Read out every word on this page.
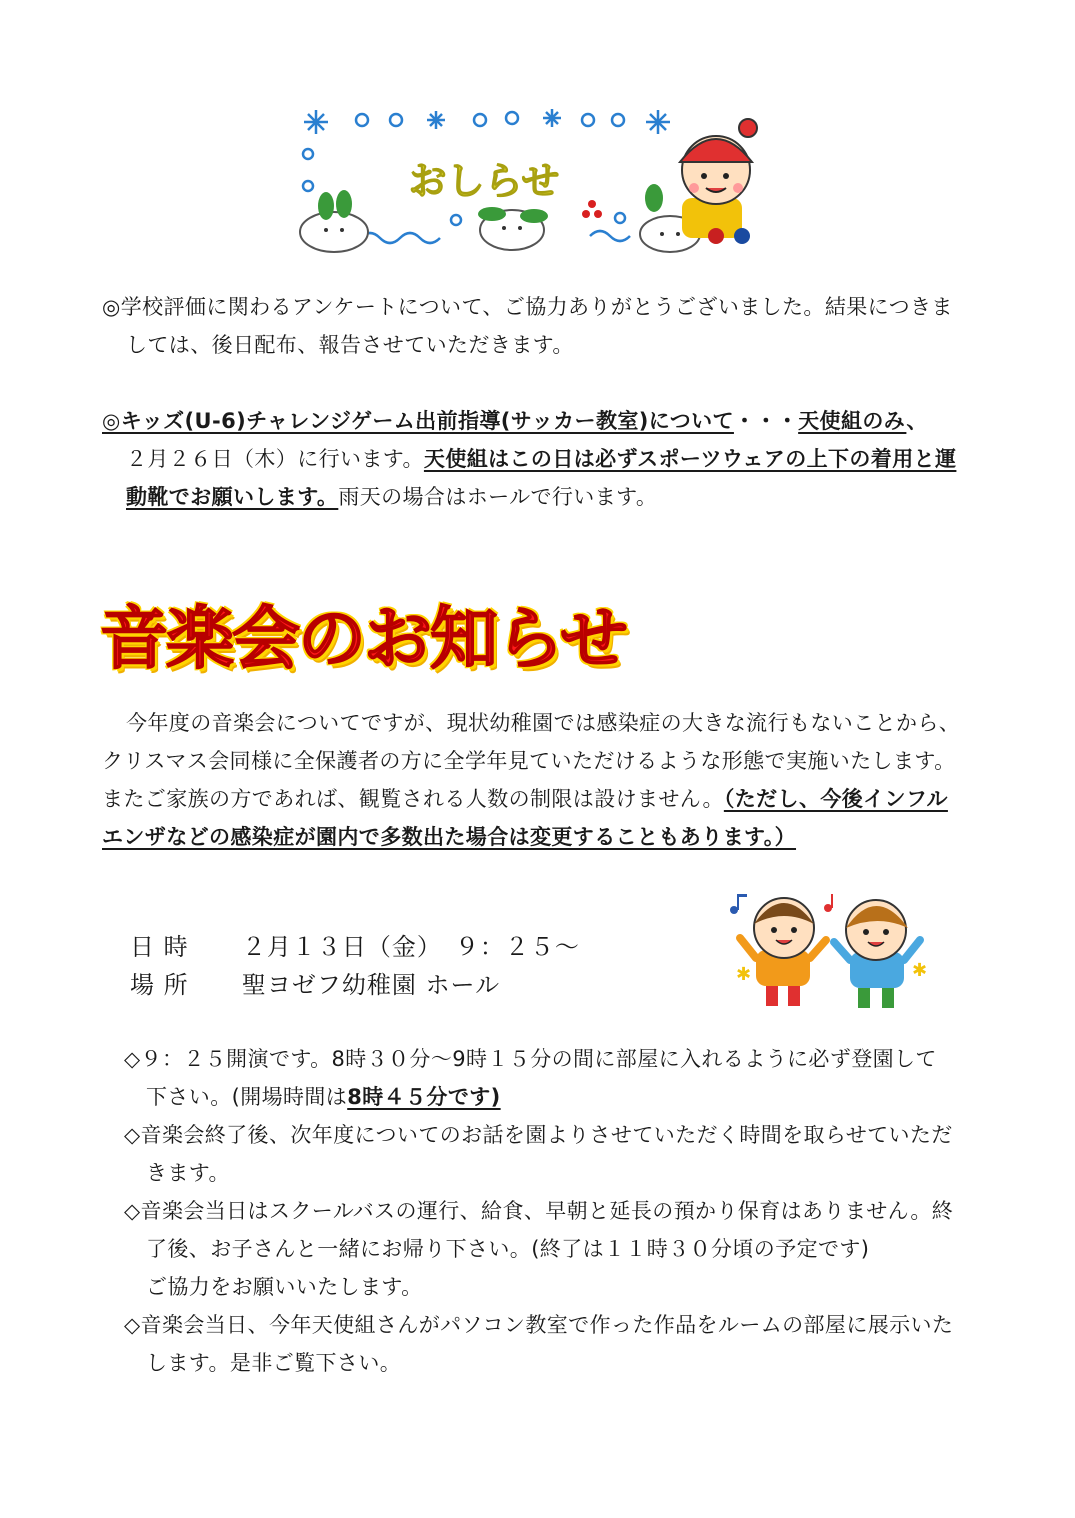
おしらせ
◎学校評価に関わるアンケートについて、ご協力ありがとうございました。結果につきま
しては、後日配布、報告させていただきます。
◎キッズ(U-6)チャレンジゲーム出前指導(サッカー教室)について・・・天使組のみ、
２月２６日（木）に行います。天使組はこの日は必ずスポーツウェアの上下の着用と運
動靴でお願いします。雨天の場合はホールで行います。
音楽会のお知らせ
今年度の音楽会についてですが、現状幼稚園では感染症の大きな流行もないことから、
クリスマス会同様に全保護者の方に全学年見ていただけるような形態で実施いたします。
またご家族の方であれば、観覧される人数の制限は設けません。（ただし、今後インフル
エンザなどの感染症が園内で多数出た場合は変更することもあります。）
日 時 ２月１３日（金）　９：２５～
場 所 聖ヨゼフ幼稚園 ホール	✱	✱
◇９：２５開演です。8時３０分～9時１５分の間に部屋に入れるように必ず登園して
下さい。(開場時間は8時４５分です)
◇音楽会終了後、次年度についてのお話を園よりさせていただく時間を取らせていただ
きます。
◇音楽会当日はスクールバスの運行、給食、早朝と延長の預かり保育はありません。終
了後、お子さんと一緒にお帰り下さい。(終了は１１時３０分頃の予定です)
ご協力をお願いいたします。
◇音楽会当日、今年天使組さんがパソコン教室で作った作品をルームの部屋に展示いた
します。是非ご覧下さい。
